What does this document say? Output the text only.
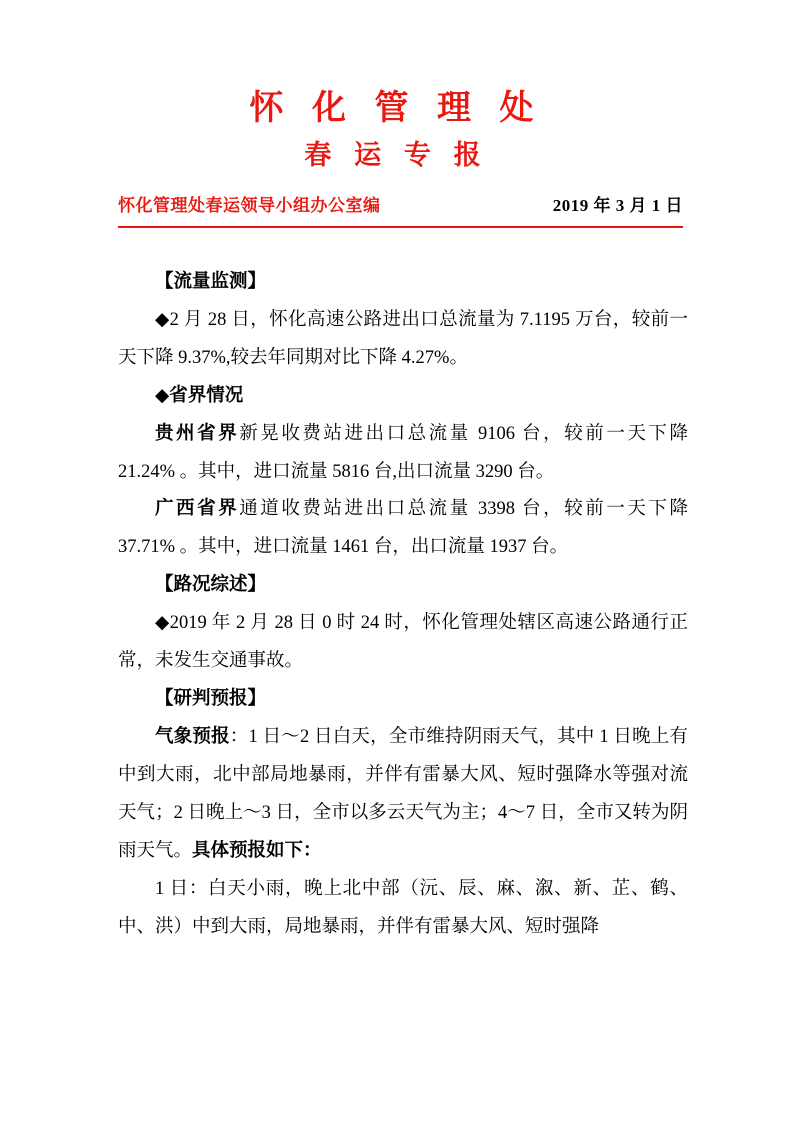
怀 化 管 理 处
春 运 专 报
怀化管理处春运领导小组办公室编	2019 年 3 月 1 日

【流量监测】

◆2 月 28 日，怀化高速公路进出口总流量为 7.1195 万台，较前一天下降 9.37%,较去年同期对比下降 4.27%。

◆省界情况

贵州省界新晃收费站进出口总流量 9106 台，较前一天下降 21.24% 。其中，进口流量 5816 台,出口流量 3290 台。

广西省界通道收费站进出口总流量 3398 台，较前一天下降 37.71% 。其中，进口流量 1461 台，出口流量 1937 台。

【路况综述】

◆2019 年 2 月 28 日 0 时 24 时，怀化管理处辖区高速公路通行正常，未发生交通事故。

【研判预报】

气象预报：1 日～2 日白天，全市维持阴雨天气，其中 1 日晚上有中到大雨，北中部局地暴雨，并伴有雷暴大风、短时强降水等强对流天气；2 日晚上～3 日，全市以多云天气为主；4～7 日，全市又转为阴雨天气。具体预报如下：

1 日：白天小雨，晚上北中部（沅、辰、麻、溆、新、芷、鹤、中、洪）中到大雨，局地暴雨，并伴有雷暴大风、短时强降
